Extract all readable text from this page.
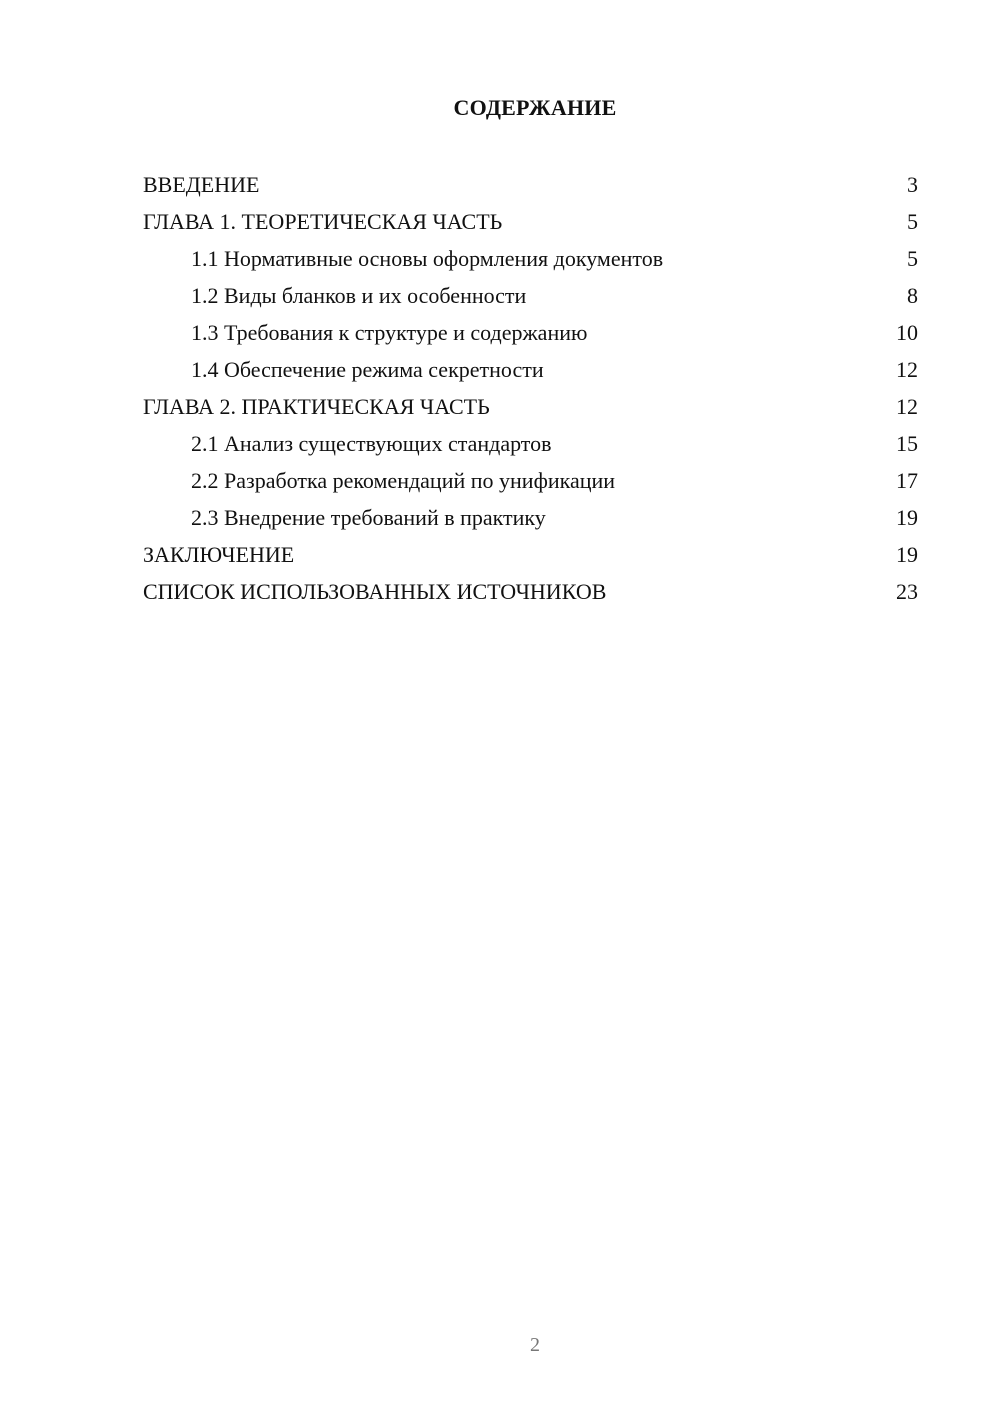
СОДЕРЖАНИЕ
ВВЕДЕНИЕ	3
ГЛАВА 1. ТЕОРЕТИЧЕСКАЯ ЧАСТЬ	5
1.1 Нормативные основы оформления документов	5
1.2 Виды бланков и их особенности	8
1.3 Требования к структуре и содержанию	10
1.4 Обеспечение режима секретности	12
ГЛАВА 2. ПРАКТИЧЕСКАЯ ЧАСТЬ	12
2.1 Анализ существующих стандартов	15
2.2 Разработка рекомендаций по унификации	17
2.3 Внедрение требований в практику	19
ЗАКЛЮЧЕНИЕ	19
СПИСОК ИСПОЛЬЗОВАННЫХ ИСТОЧНИКОВ	23
2
